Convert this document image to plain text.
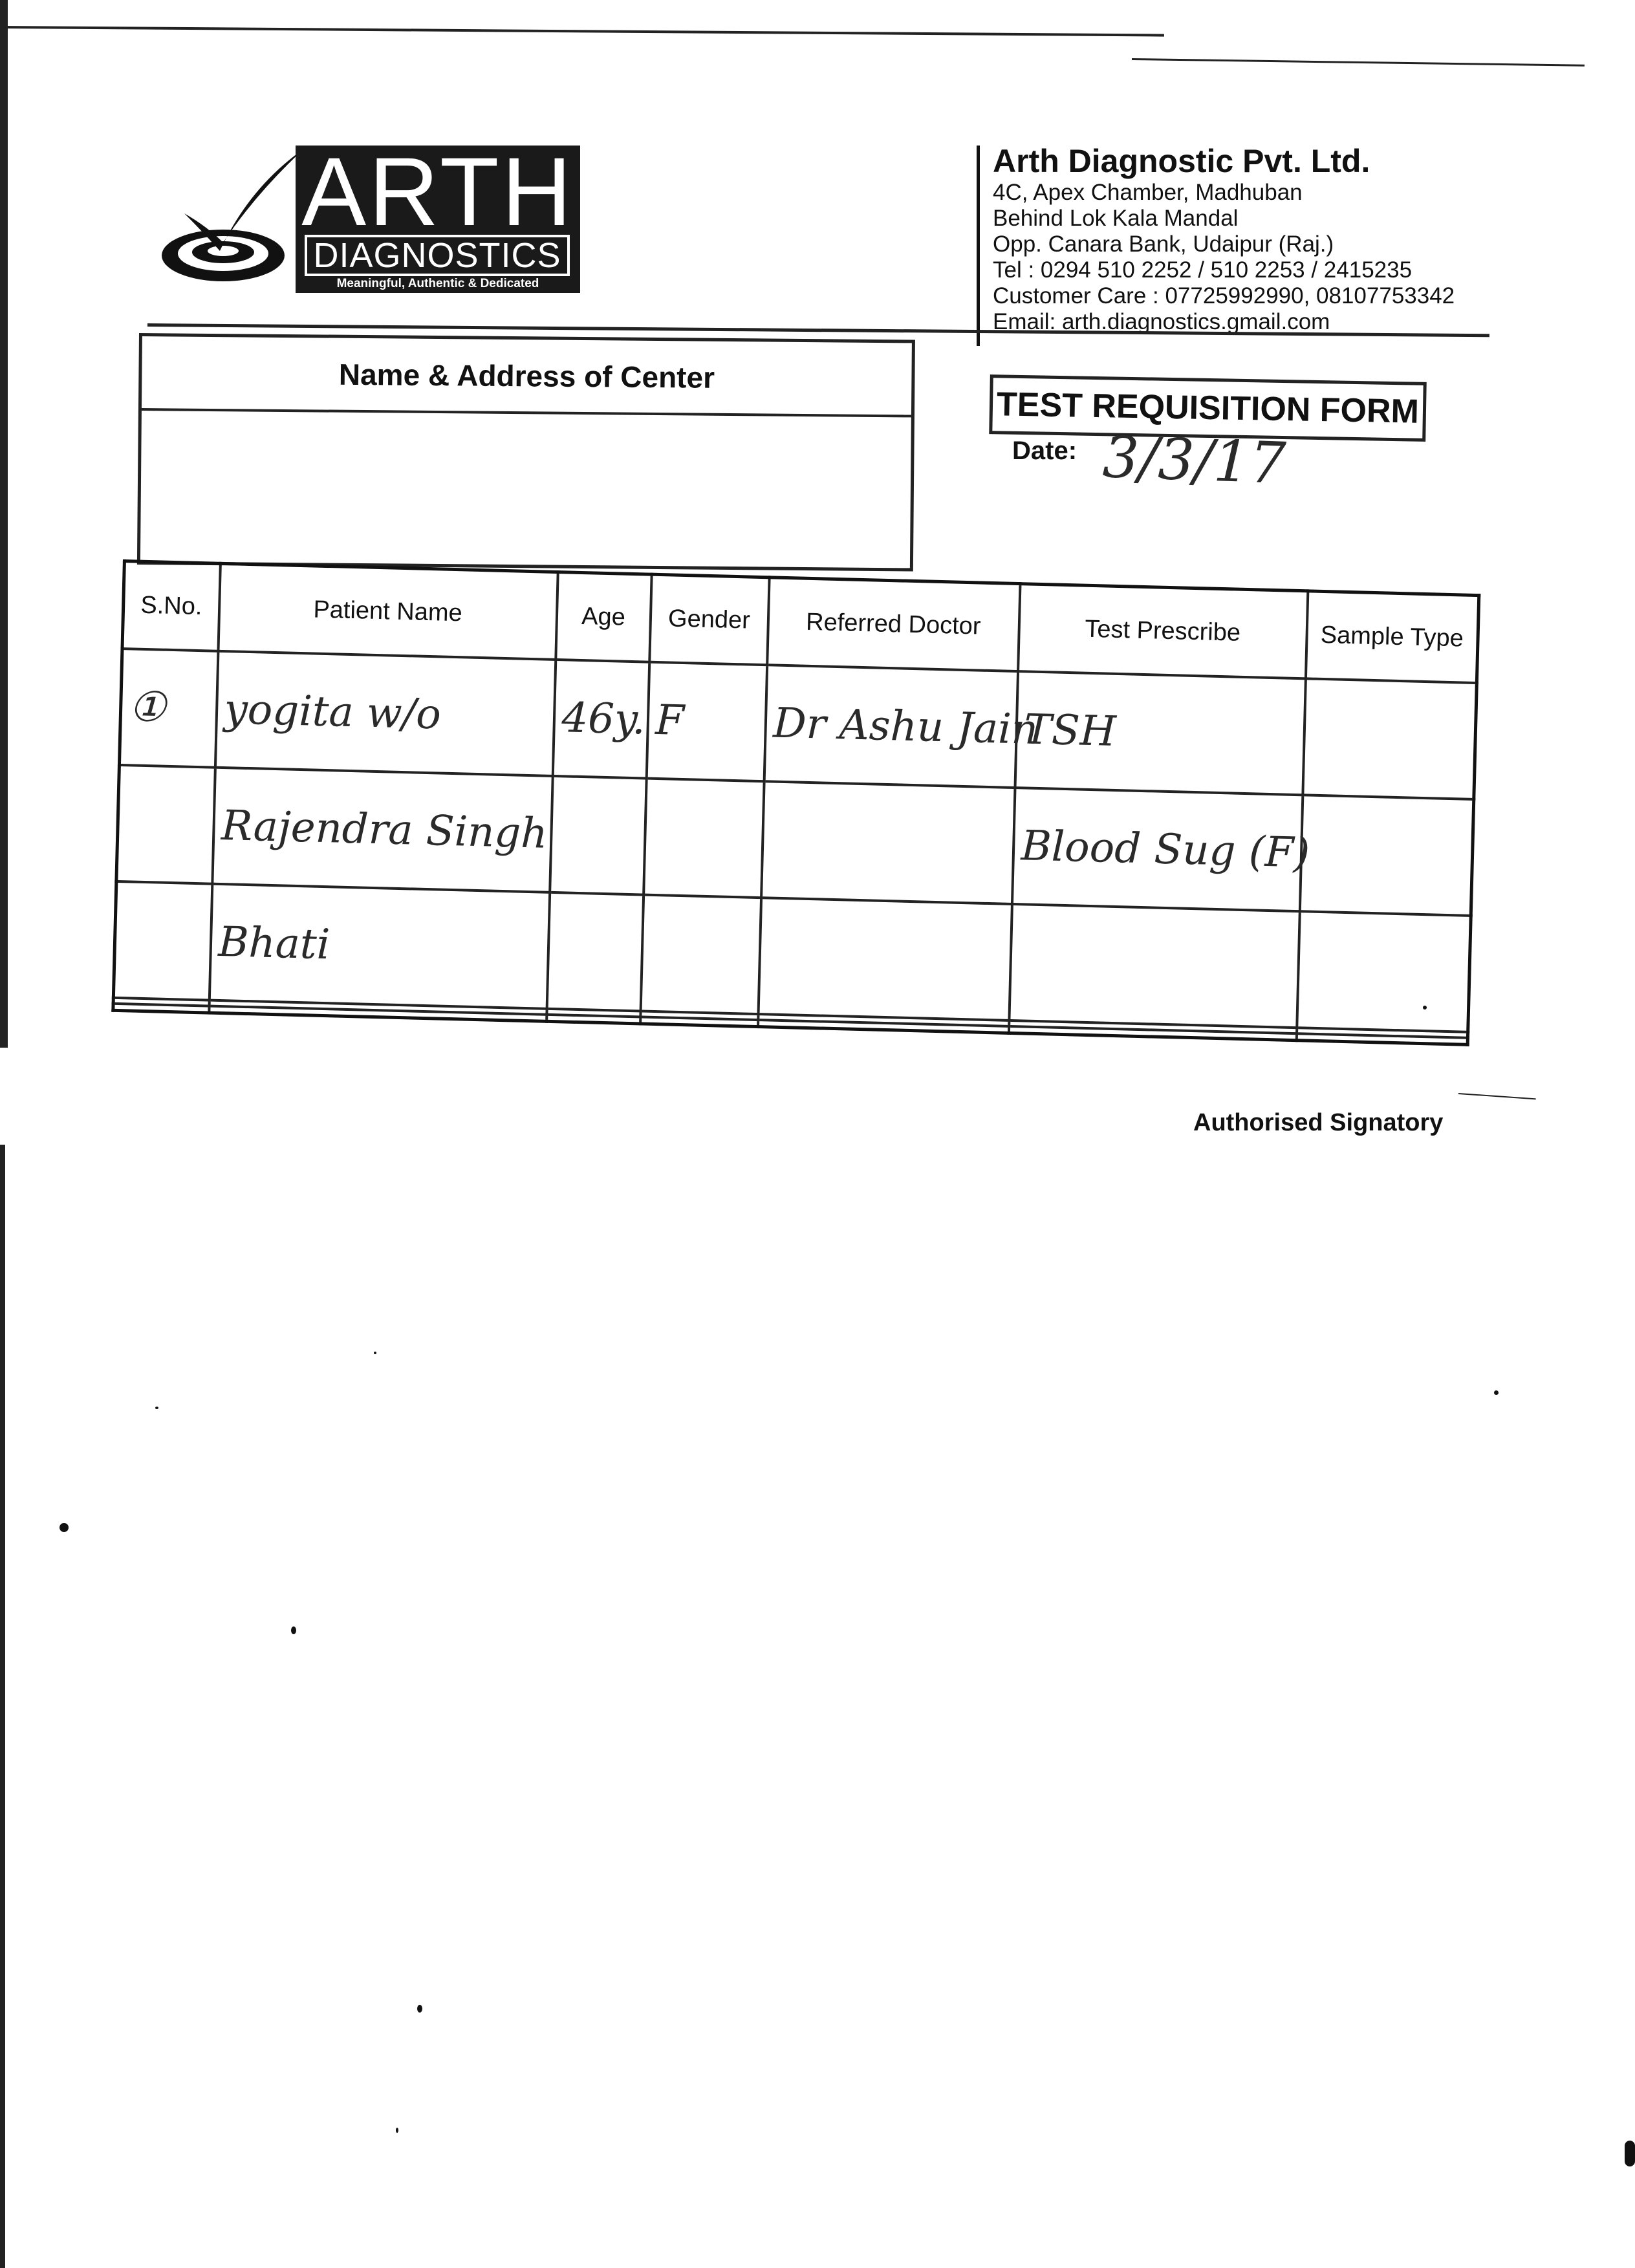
ARTH
DIAGNOSTICS
Meaningful, Authentic & Dedicated
Arth Diagnostic Pvt. Ltd.
4C, Apex Chamber, Madhuban
Behind Lok Kala Mandal
Opp. Canara Bank, Udaipur (Raj.)
Tel : 0294 510 2252 / 510 2253 / 2415235
Customer Care : 07725992990, 08107753342
Email: arth.diagnostics.gmail.com
Name & Address of Center
TEST REQUISITION FORM
Date: 3/3/17
S.No.	Patient Name	Age	Gender	Referred Doctor	Test Prescribe	Sample Type
①	yogita w/o	46y.	F	Dr Ashu Jain	TSH	
	Rajendra Singh				Blood Sug (F)	
	Bhati					

Authorised Signatory
